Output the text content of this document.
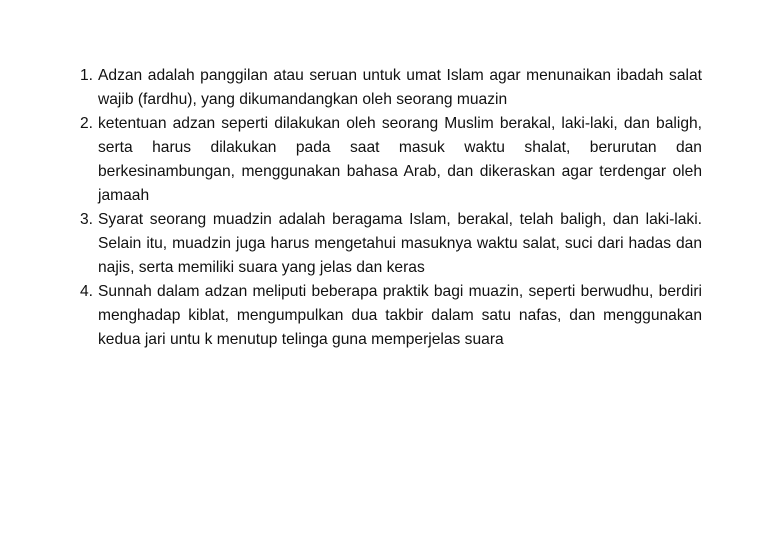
1. Adzan adalah panggilan atau seruan untuk umat Islam agar menunaikan ibadah salat wajib (fardhu), yang dikumandangkan oleh seorang muazin
2. ketentuan adzan seperti dilakukan oleh seorang Muslim berakal, laki-laki, dan baligh, serta harus dilakukan pada saat masuk waktu shalat, berurutan dan berkesinambungan, menggunakan bahasa Arab, dan dikeraskan agar terdengar oleh jamaah
3. Syarat seorang muadzin adalah beragama Islam, berakal, telah baligh, dan laki-laki. Selain itu, muadzin juga harus mengetahui masuknya waktu salat, suci dari hadas dan najis, serta memiliki suara yang jelas dan keras
4. Sunnah dalam adzan meliputi beberapa praktik bagi muazin, seperti berwudhu, berdiri menghadap kiblat, mengumpulkan dua takbir dalam satu nafas, dan menggunakan kedua jari untu k menutup telinga guna memperjelas suara
